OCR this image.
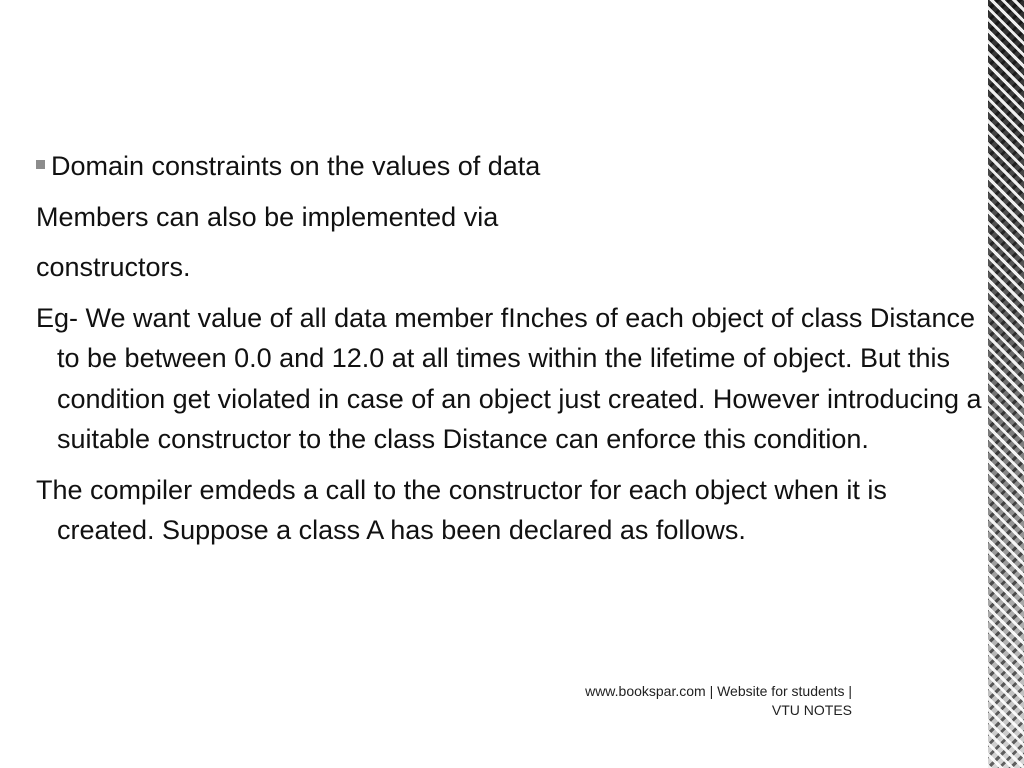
Domain constraints on the values of data

Members can also be implemented via

constructors.

Eg- We want value of all data member fInches of each object of class Distance to be between 0.0 and 12.0 at all times within the lifetime of object. But this condition get violated in case of an object just created. However introducing a suitable constructor to the class Distance can enforce this condition.

The compiler emdeds a call to the constructor for each object when it is created. Suppose a class A has been declared as follows.

www.bookspar.com | Website for students |
VTU NOTES
